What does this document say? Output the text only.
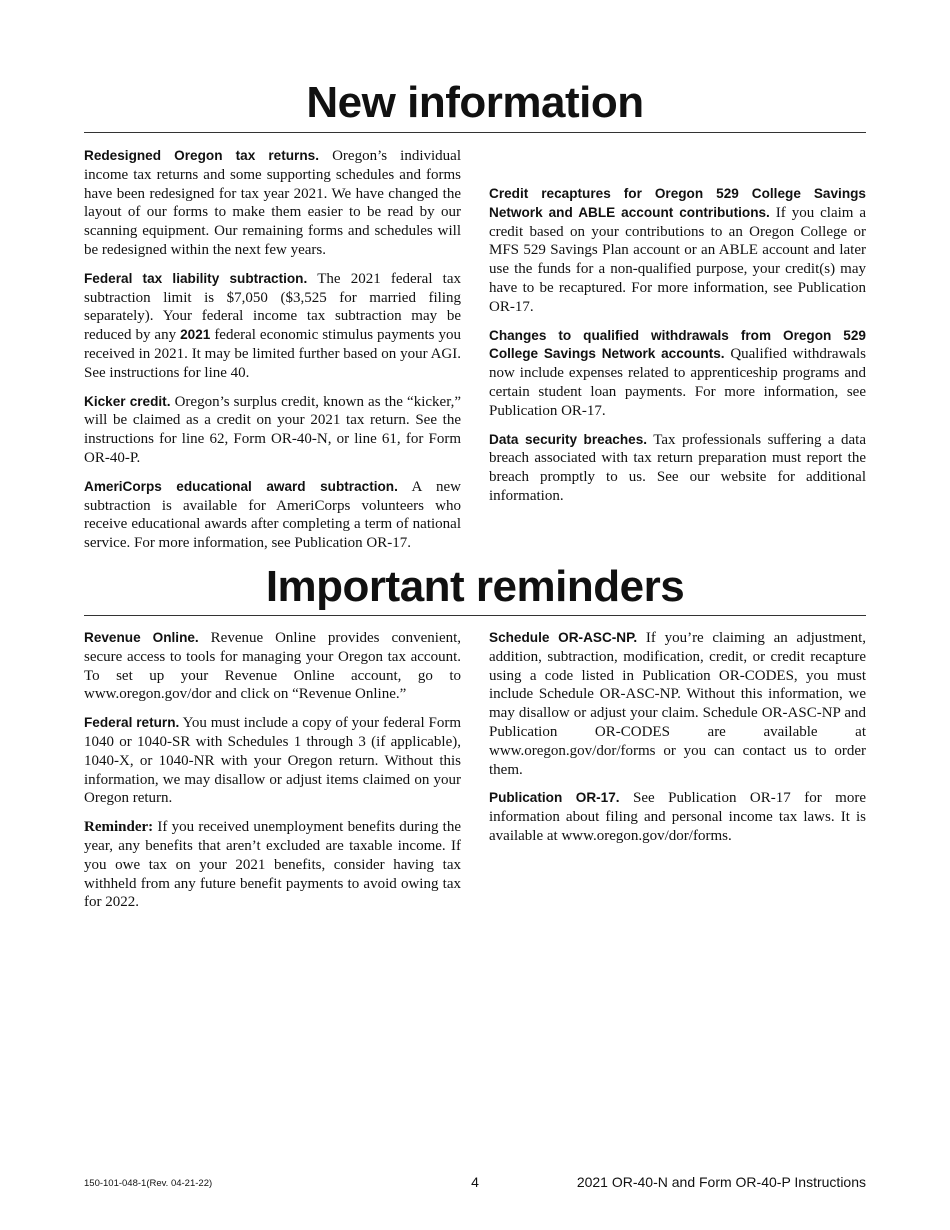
New information

Redesigned Oregon tax returns. Oregon’s individual income tax returns and some supporting schedules and forms have been redesigned for tax year 2021. We have changed the layout of our forms to make them easier to be read by our scanning equipment. Our remaining forms and schedules will be redesigned within the next few years.

Federal tax liability subtraction. The 2021 federal tax subtraction limit is $7,050 ($3,525 for married filing separately). Your federal income tax subtraction may be reduced by any 2021 federal economic stimulus payments you received in 2021. It may be limited further based on your AGI. See instructions for line 40.

Kicker credit. Oregon’s surplus credit, known as the “kicker,” will be claimed as a credit on your 2021 tax return. See the instructions for line 62, Form OR-40-N, or line 61, for Form OR-40-P.

AmeriCorps educational award subtraction. A new subtraction is available for AmeriCorps volunteers who receive educational awards after completing a term of national service. For more information, see Publication OR-17.

Credit recaptures for Oregon 529 College Savings Network and ABLE account contributions. If you claim a credit based on your contributions to an Oregon College or MFS 529 Savings Plan account or an ABLE account and later use the funds for a non-qualified purpose, your credit(s) may have to be recaptured. For more information, see Publication OR-17.

Changes to qualified withdrawals from Oregon 529 College Savings Network accounts. Qualified withdrawals now include expenses related to apprenticeship programs and certain student loan payments. For more information, see Publication OR-17.

Data security breaches. Tax professionals suffering a data breach associated with tax return preparation must report the breach promptly to us. See our website for additional information.

Important reminders

Revenue Online. Revenue Online provides convenient, secure access to tools for managing your Oregon tax account. To set up your Revenue Online account, go to www.oregon.gov/dor and click on “Revenue Online.”

Federal return. You must include a copy of your federal Form 1040 or 1040-SR with Schedules 1 through 3 (if applicable), 1040-X, or 1040-NR with your Oregon return. Without this information, we may disallow or adjust items claimed on your Oregon return.

Reminder: If you received unemployment benefits during the year, any benefits that aren’t excluded are taxable income. If you owe tax on your 2021 benefits, consider having tax withheld from any future benefit payments to avoid owing tax for 2022.

Schedule OR-ASC-NP. If you’re claiming an adjustment, addition, subtraction, modification, credit, or credit recapture using a code listed in Publication OR-CODES, you must include Schedule OR-ASC-NP. Without this information, we may disallow or adjust your claim. Schedule OR-ASC-NP and Publication OR-CODES are available at www.oregon.gov/dor/forms or you can contact us to order them.

Publication OR-17. See Publication OR-17 for more information about filing and personal income tax laws. It is available at www.oregon.gov/dor/forms.

150-101-048-1(Rev. 04-21-22)	4	2021 OR-40-N and Form OR-40-P Instructions
